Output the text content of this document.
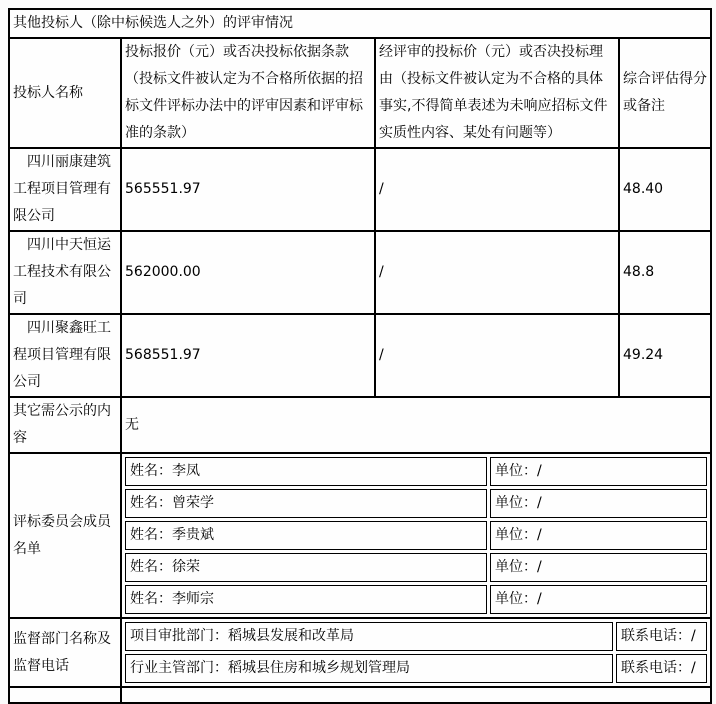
其他投标人（除中标候选人之外）的评审情况
投标人名称	投标报价（元）或否决投标依据条款（投标文件被认定为不合格所依据的招标文件评标办法中的评审因素和评审标准的条款）	经评审的投标价（元）或否决投标理由（投标文件被认定为不合格的具体事实,不得简单表述为未响应招标文件实质性内容、某处有问题等）	综合评估得分或备注
四川丽康建筑工程项目管理有限公司	565551.97	/	48.40
四川中天恒运工程技术有限公司	562000.00	/	48.8
四川聚鑫旺工程项目管理有限公司	568551.97	/	49.24
其它需公示的内容	无
评标委员会成员名单	
姓名：李凤	单位：/
姓名：曾荣学	单位：/
姓名：季贵斌	单位：/
姓名：徐荣	单位：/
姓名：李师宗	单位：/

监督部门名称及监督电话	
项目审批部门：稻城县发展和改革局	联系电话：/
行业主管部门：稻城县住房和城乡规划管理局	联系电话：/
